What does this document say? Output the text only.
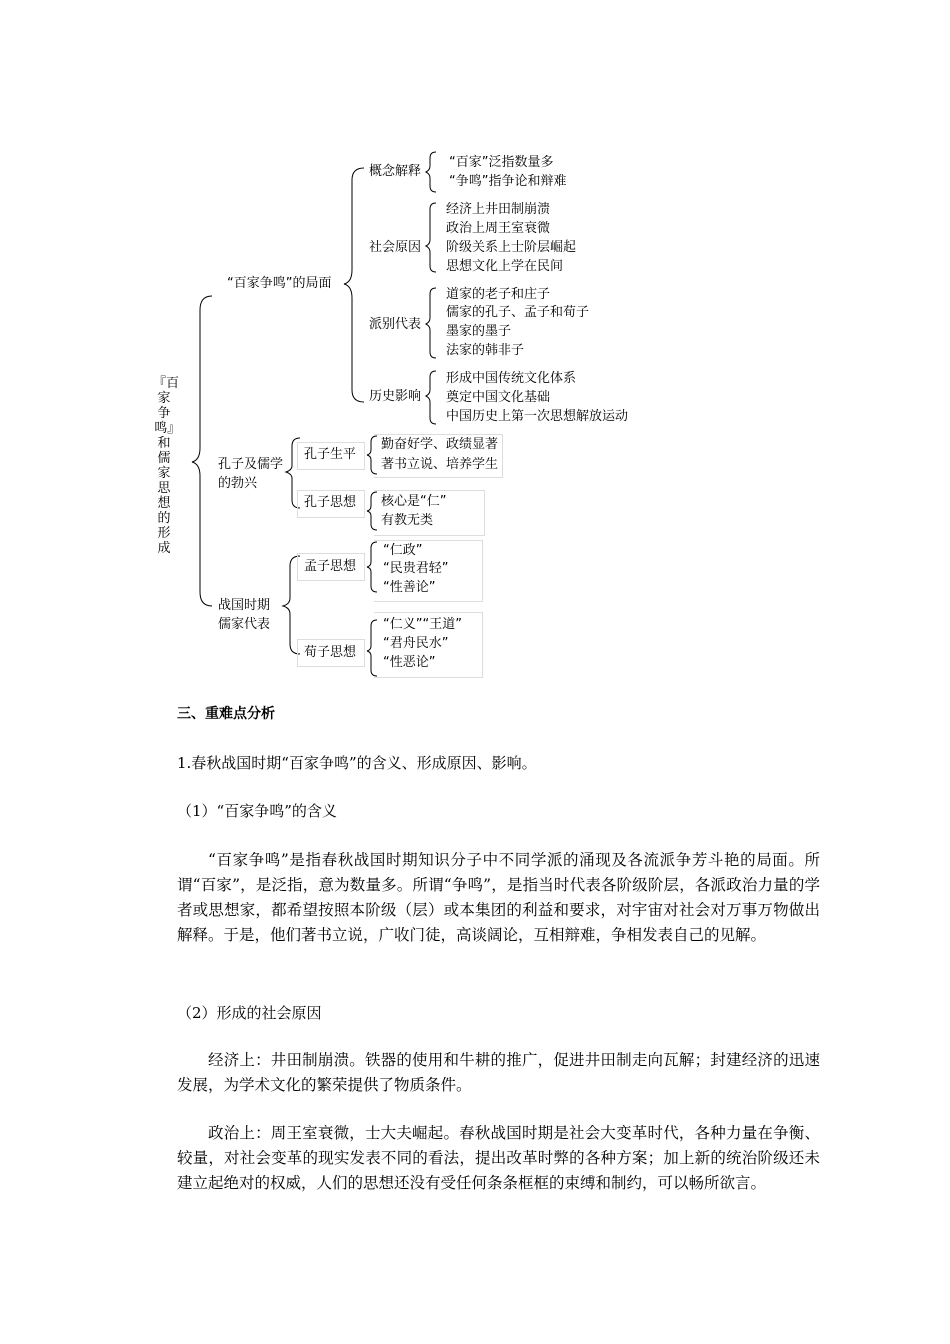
『百家争鸣』和儒家思想的形成
“百家争鸣”的局面
概念解释
“百家”泛指数量多
“争鸣”指争论和辩难
社会原因
经济上井田制崩溃
政治上周王室衰微
阶级关系上士阶层崛起
思想文化上学在民间
派别代表
道家的老子和庄子
儒家的孔子、孟子和荀子
墨家的墨子
法家的韩非子
历史影响
形成中国传统文化体系
奠定中国文化基础
中国历史上第一次思想解放运动
孔子及儒学
的勃兴
孔子生平
勤奋好学、政绩显著
著书立说、培养学生
孔子思想 核心是“仁”
有教无类
战国时期
儒家代表
孟子思想
“仁政”
“民贵君轻”
“性善论”
荀子思想
“仁义”“王道”
“君舟民水”
“性恶论”
三、重难点分析
1.春秋战国时期“百家争鸣”的含义、形成原因、影响。
（1）“百家争鸣”的含义
“百家争鸣”是指春秋战国时期知识分子中不同学派的涌现及各流派争芳斗艳的局面。所谓“百家”，是泛指，意为数量多。所谓“争鸣”，是指当时代表各阶级阶层，各派政治力量的学者或思想家，都希望按照本阶级（层）或本集团的利益和要求，对宇宙对社会对万事万物做出解释。于是，他们著书立说，广收门徒，高谈阔论，互相辩难，争相发表自己的见解。
（2）形成的社会原因
经济上：井田制崩溃。铁器的使用和牛耕的推广，促进井田制走向瓦解；封建经济的迅速发展，为学术文化的繁荣提供了物质条件。
政治上：周王室衰微，士大夫崛起。春秋战国时期是社会大变革时代，各种力量在争衡、较量，对社会变革的现实发表不同的看法，提出改革时弊的各种方案；加上新的统治阶级还未建立起绝对的权威，人们的思想还没有受任何条条框框的束缚和制约，可以畅所欲言。
